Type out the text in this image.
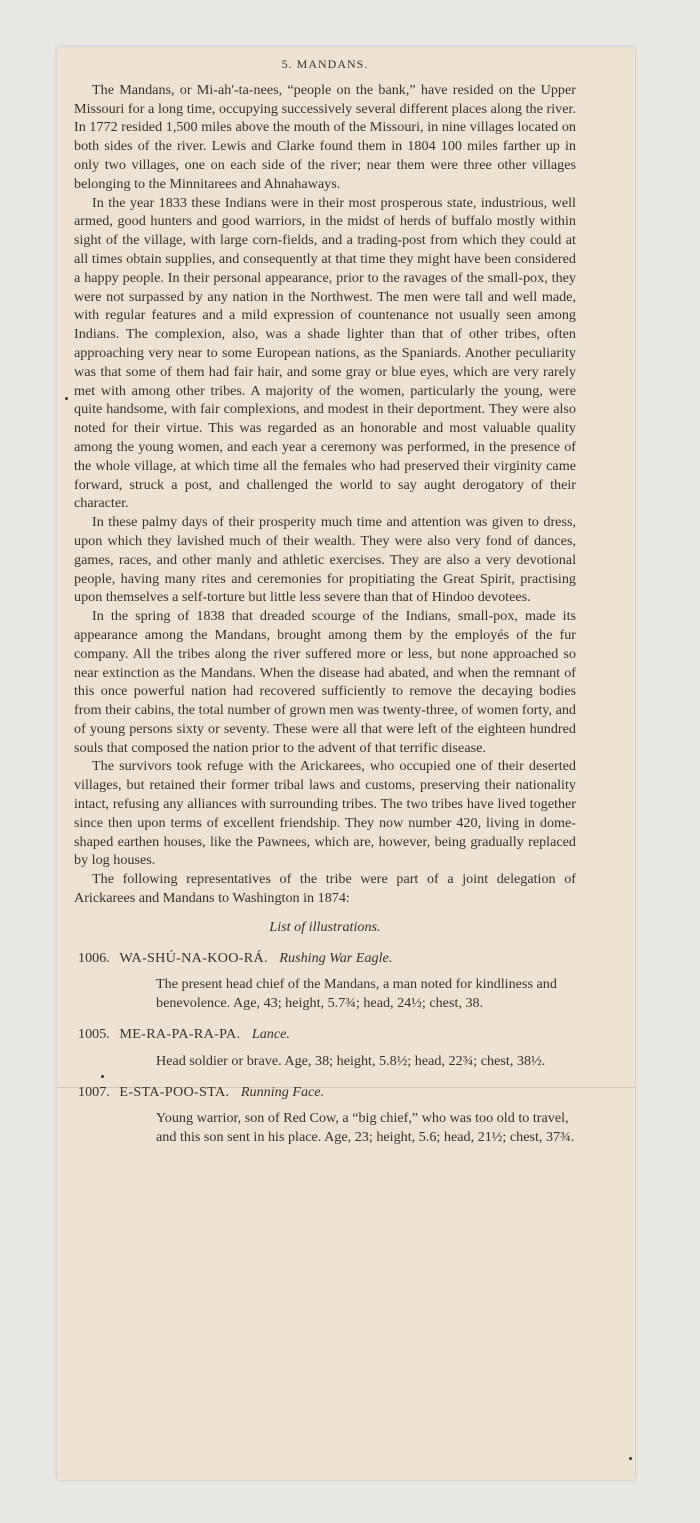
5. MANDANS.

The Mandans, or Mi-ah'-ta-nees, “people on the bank,” have resided on the Upper Missouri for a long time, occupying successively several different places along the river. In 1772 resided 1,500 miles above the mouth of the Missouri, in nine villages located on both sides of the river. Lewis and Clarke found them in 1804 100 miles farther up in only two villages, one on each side of the river; near them were three other villages belonging to the Minnitarees and Ahnahaways.

In the year 1833 these Indians were in their most prosperous state, industrious, well armed, good hunters and good warriors, in the midst of herds of buffalo mostly within sight of the village, with large corn-fields, and a trading-post from which they could at all times obtain supplies, and consequently at that time they might have been considered a happy people. In their personal appearance, prior to the ravages of the small-pox, they were not surpassed by any nation in the Northwest. The men were tall and well made, with regular features and a mild expression of countenance not usually seen among Indians. The complexion, also, was a shade lighter than that of other tribes, often approaching very near to some European nations, as the Spaniards. Another peculiarity was that some of them had fair hair, and some gray or blue eyes, which are very rarely met with among other tribes. A majority of the women, particularly the young, were quite handsome, with fair complexions, and modest in their deportment. They were also noted for their virtue. This was regarded as an honorable and most valuable quality among the young women, and each year a ceremony was performed, in the presence of the whole village, at which time all the females who had preserved their virginity came forward, struck a post, and challenged the world to say aught derogatory of their character.

In these palmy days of their prosperity much time and attention was given to dress, upon which they lavished much of their wealth. They were also very fond of dances, games, races, and other manly and athletic exercises. They are also a very devotional people, having many rites and ceremonies for propitiating the Great Spirit, practising upon themselves a self-torture but little less severe than that of Hindoo devotees.

In the spring of 1838 that dreaded scourge of the Indians, small-pox, made its appearance among the Mandans, brought among them by the employés of the fur company. All the tribes along the river suffered more or less, but none approached so near extinction as the Mandans. When the disease had abated, and when the remnant of this once powerful nation had recovered sufficiently to remove the decaying bodies from their cabins, the total number of grown men was twenty-three, of women forty, and of young persons sixty or seventy. These were all that were left of the eighteen hundred souls that composed the nation prior to the advent of that terrific disease.

The survivors took refuge with the Arickarees, who occupied one of their deserted villages, but retained their former tribal laws and customs, preserving their nationality intact, refusing any alliances with surrounding tribes. The two tribes have lived together since then upon terms of excellent friendship. They now number 420, living in dome-shaped earthen houses, like the Pawnees, which are, however, being gradually replaced by log houses.

The following representatives of the tribe were part of a joint delegation of Arickarees and Mandans to Washington in 1874:

List of illustrations.

1006. WA-SHÚ-NA-KOO-RÁ. Rushing War Eagle.

The present head chief of the Mandans, a man noted for kindliness and benevolence. Age, 43; height, 5.7¾; head, 24½; chest, 38.

1005. ME-RA-PA-RA-PA. Lance.

Head soldier or brave. Age, 38; height, 5.8½; head, 22¾; chest, 38½.

1007. E-STA-POO-STA. Running Face.

Young warrior, son of Red Cow, a “big chief,” who was too old to travel, and this son sent in his place. Age, 23; height, 5.6; head, 21½; chest, 37¾.
